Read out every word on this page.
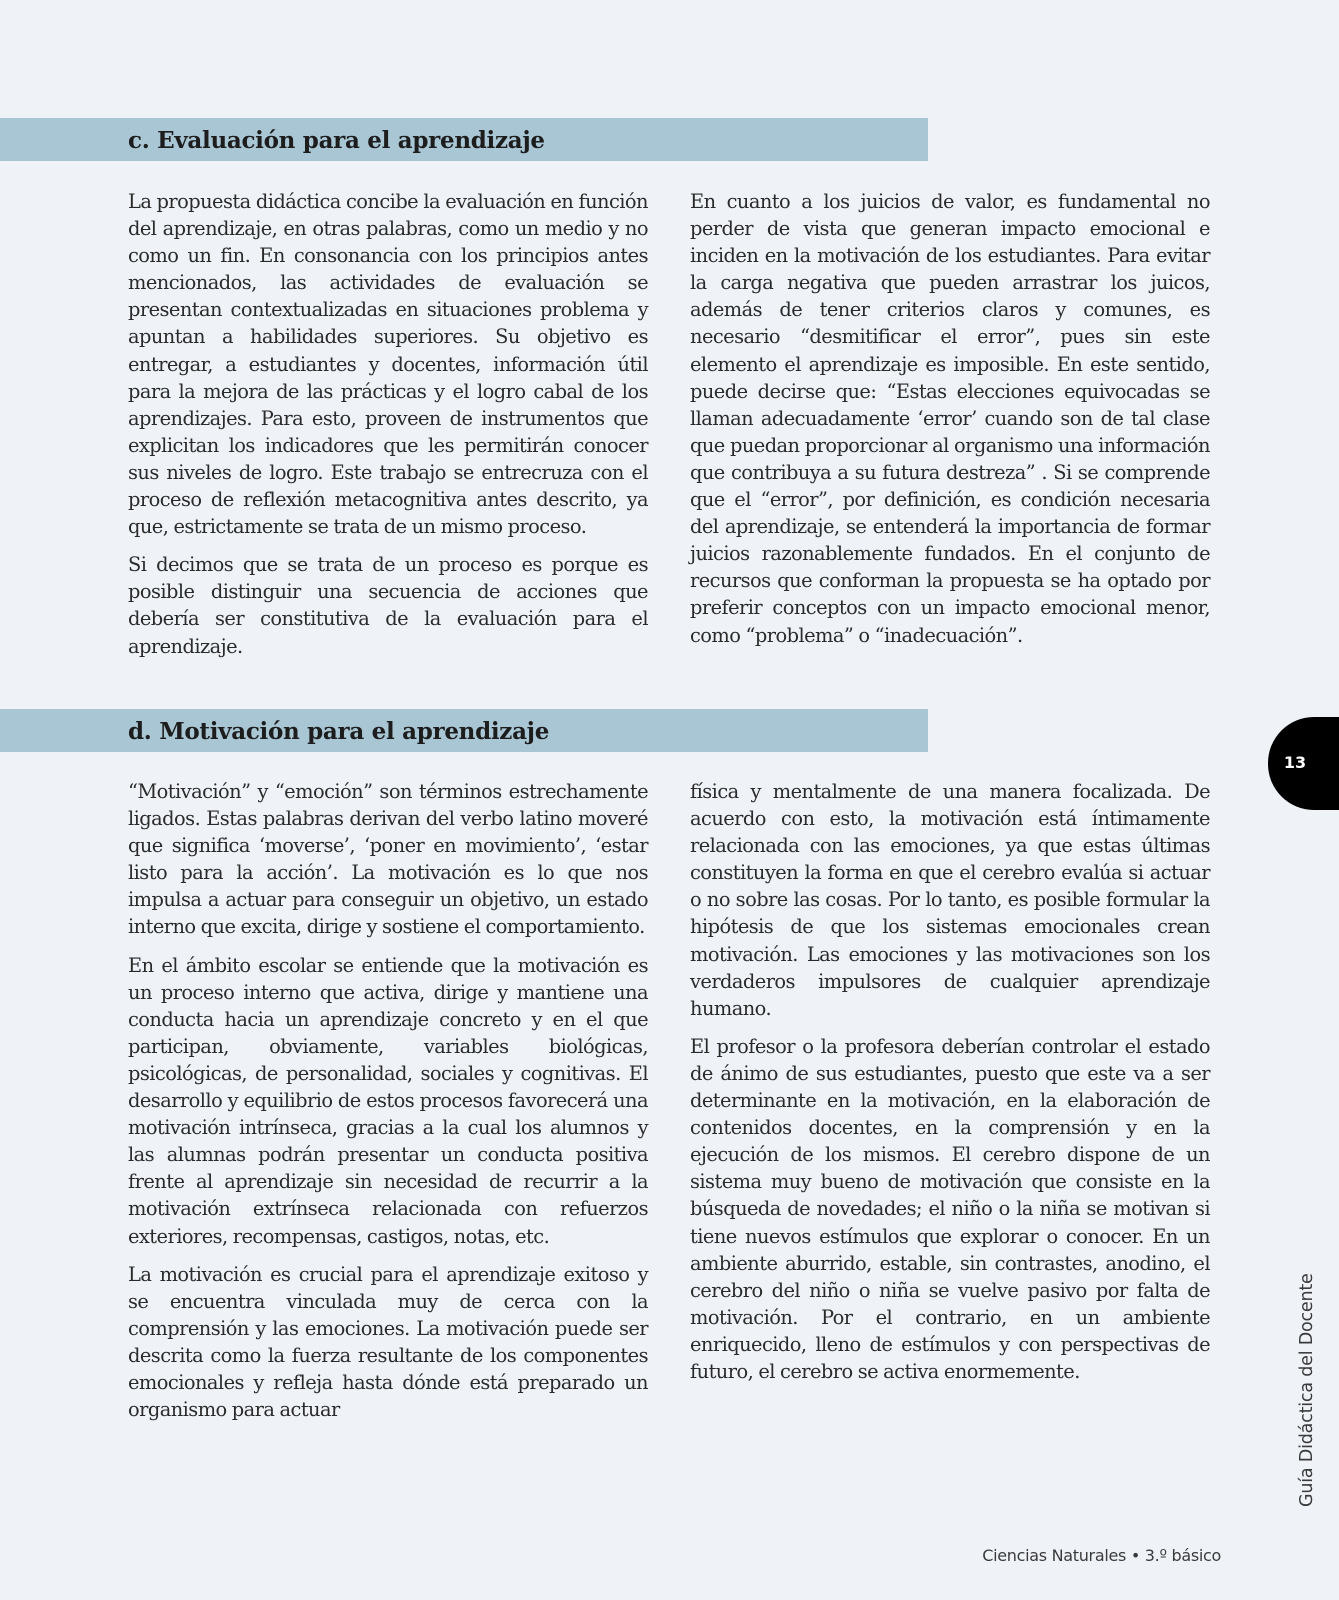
c. Evaluación para el aprendizaje

La propuesta didáctica concibe la evaluación en función del aprendizaje, en otras palabras, como un medio y no como un fin. En consonancia con los principios antes mencionados, las actividades de evaluación se presentan contextualizadas en situaciones problema y apuntan a habilidades superiores. Su objetivo es entregar, a estudiantes y docentes, información útil para la mejora de las prácticas y el logro cabal de los aprendizajes. Para esto, proveen de instrumentos que explicitan los indicadores que les permitirán conocer sus niveles de logro. Este trabajo se entrecruza con el proceso de reflexión metacognitiva antes descrito, ya que, estrictamente se trata de un mismo proceso.

Si decimos que se trata de un proceso es porque es posible distinguir una secuencia de acciones que debería ser constitutiva de la evaluación para el aprendizaje.

En cuanto a los juicios de valor, es fundamental no perder de vista que generan impacto emocional e inciden en la motivación de los estudiantes. Para evitar la carga negativa que pueden arrastrar los juicos, además de tener criterios claros y comunes, es necesario “desmitificar el error”, pues sin este elemento el aprendizaje es imposible. En este sentido, puede decirse que: “Estas elecciones equivocadas se llaman adecuadamente ‘error’ cuando son de tal clase que puedan proporcionar al organismo una información que contribuya a su futura destreza” . Si se comprende que el “error”, por definición, es condición necesaria del aprendizaje, se entenderá la importancia de formar juicios razonablemente fundados. En el conjunto de recursos que conforman la propuesta se ha optado por preferir conceptos con un impacto emocional menor, como “problema” o “inadecuación”.

d. Motivación para el aprendizaje

“Motivación” y “emoción” son términos estrechamente ligados. Estas palabras derivan del verbo latino moveré que significa ‘moverse’, ‘poner en movimiento’, ‘estar listo para la acción’. La motivación es lo que nos impulsa a actuar para conseguir un objetivo, un estado interno que excita, dirige y sostiene el comportamiento.

En el ámbito escolar se entiende que la motivación es un proceso interno que activa, dirige y mantiene una conducta hacia un aprendizaje concreto y en el que participan, obviamente, variables biológicas, psicológicas, de personalidad, sociales y cognitivas. El desarrollo y equilibrio de estos procesos favorecerá una motivación intrínseca, gracias a la cual los alumnos y las alumnas podrán presentar un conducta positiva frente al aprendizaje sin necesidad de recurrir a la motivación extrínseca relacionada con refuerzos exteriores, recompensas, castigos, notas, etc.

La motivación es crucial para el aprendizaje exitoso y se encuentra vinculada muy de cerca con la comprensión y las emociones. La motivación puede ser descrita como la fuerza resultante de los componentes emocionales y refleja hasta dónde está preparado un organismo para actuar

física y mentalmente de una manera focalizada. De acuerdo con esto, la motivación está íntimamente relacionada con las emociones, ya que estas últimas constituyen la forma en que el cerebro evalúa si actuar o no sobre las cosas. Por lo tanto, es posible formular la hipótesis de que los sistemas emocionales crean motivación. Las emociones y las motivaciones son los verdaderos impulsores de cualquier aprendizaje humano.

El profesor o la profesora deberían controlar el estado de ánimo de sus estudiantes, puesto que este va a ser determinante en la motivación, en la elaboración de contenidos docentes, en la comprensión y en la ejecución de los mismos. El cerebro dispone de un sistema muy bueno de motivación que consiste en la búsqueda de novedades; el niño o la niña se motivan si tiene nuevos estímulos que explorar o conocer. En un ambiente aburrido, estable, sin contrastes, anodino, el cerebro del niño o niña se vuelve pasivo por falta de motivación. Por el contrario, en un ambiente enriquecido, lleno de estímulos y con perspectivas de futuro, el cerebro se activa enormemente.

13
Guía Didáctica del Docente
Ciencias Naturales • 3.º básico
